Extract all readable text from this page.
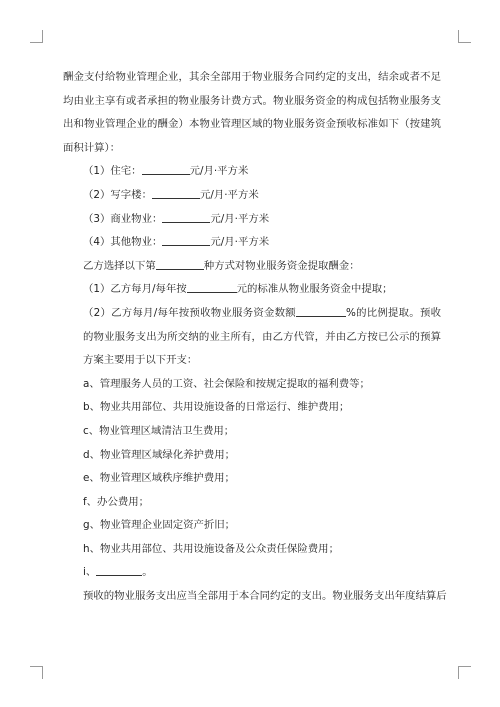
酬金支付给物业管理企业，其余全部用于物业服务合同约定的支出，结余或者不足均由业主享有或者承担的物业服务计费方式。物业服务资金的构成包括物业服务支出和物业管理企业的酬金）本物业管理区域的物业服务资金预收标准如下（按建筑面积计算）：

（1）住宅：	元/月·平方米

（2）写字楼：	元/月·平方米

（3）商业物业：	元/月·平方米

（4）其他物业：	元/月·平方米

乙方选择以下第	种方式对物业服务资金提取酬金：

（1）乙方每月/每年按	元的标准从物业服务资金中提取；

（2）乙方每月/每年按预收物业服务资金数额	%的比例提取。预收的物业服务支出为所交纳的业主所有，由乙方代管，并由乙方按已公示的预算方案主要用于以下开支：

a、管理服务人员的工资、社会保险和按规定提取的福利费等；

b、物业共用部位、共用设施设备的日常运行、维护费用；

c、物业管理区域清洁卫生费用；

d、物业管理区域绿化养护费用；

e、物业管理区域秩序维护费用；

f、办公费用；

g、物业管理企业固定资产折旧；

h、物业共用部位、共用设施设备及公众责任保险费用；

i、	。

预收的物业服务支出应当全部用于本合同约定的支出。物业服务支出年度结算后
